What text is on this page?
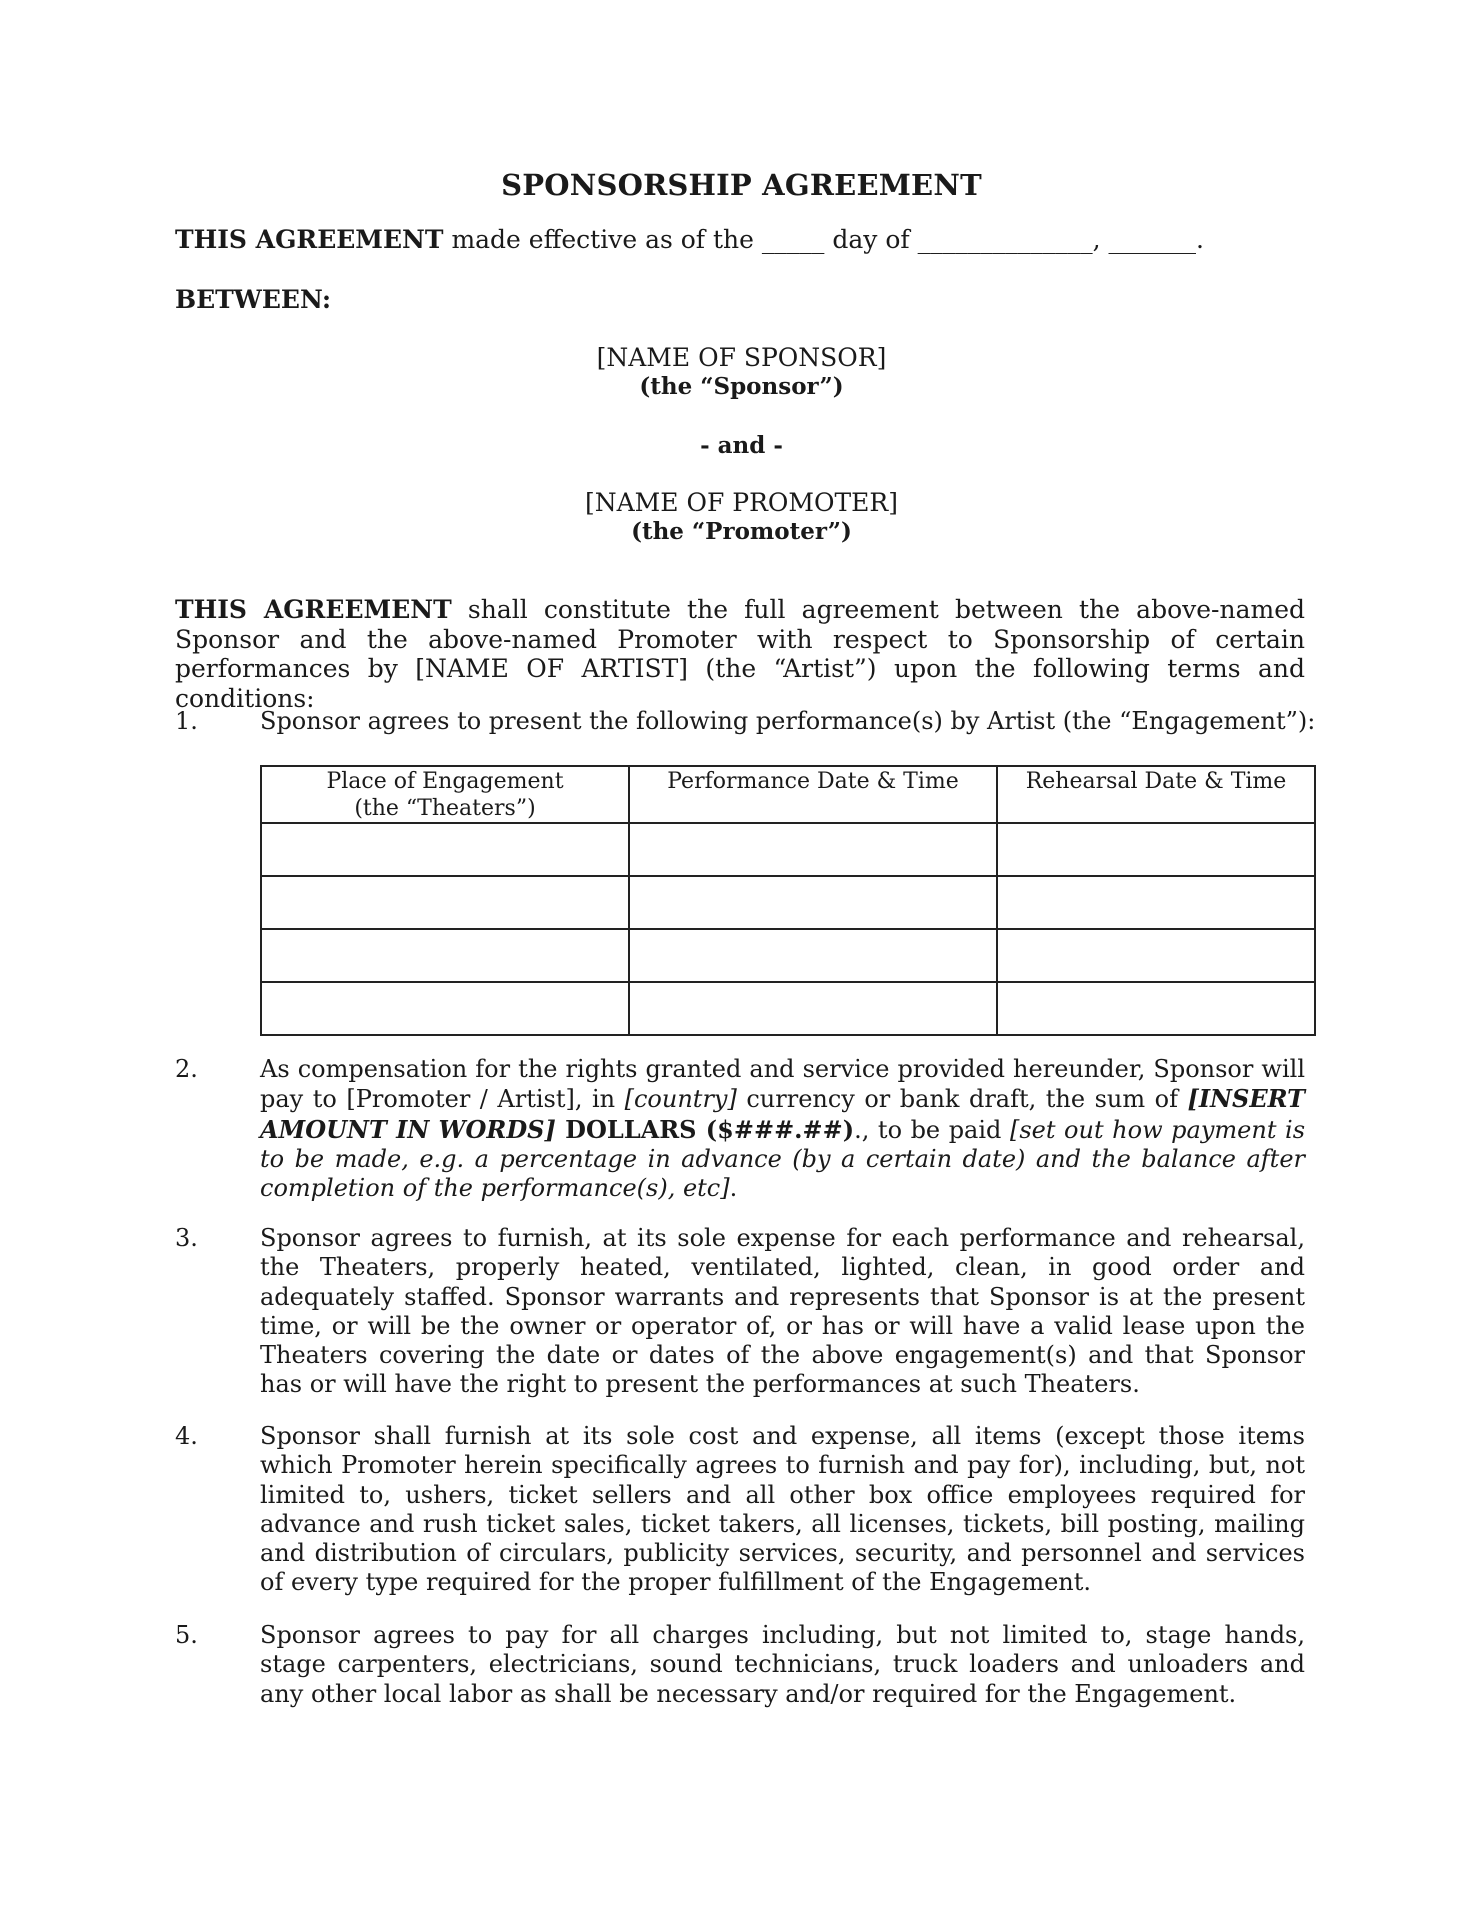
SPONSORSHIP AGREEMENT
THIS AGREEMENT made effective as of the _____ day of ______________, _______.
BETWEEN:
[NAME OF SPONSOR]
(the “Sponsor”)
- and -
[NAME OF PROMOTER]
(the “Promoter”)
THIS AGREEMENT shall constitute the full agreement between the above-named Sponsor and the above-named Promoter with respect to Sponsorship of certain performances by [NAME OF ARTIST] (the “Artist”) upon the following terms and conditions:
1.	Sponsor agrees to present the following performance(s) by Artist (the “Engagement”):
Place of Engagement
(the “Theaters”)	Performance Date & Time	Rehearsal Date & Time

2.	As compensation for the rights granted and service provided hereunder, Sponsor will pay to [Promoter / Artist], in [country] currency or bank draft, the sum of [INSERT AMOUNT IN WORDS] DOLLARS ($###.##)., to be paid [set out how payment is to be made, e.g. a percentage in advance (by a certain date) and the balance after completion of the performance(s), etc].
3.	Sponsor agrees to furnish, at its sole expense for each performance and rehearsal, the Theaters, properly heated, ventilated, lighted, clean, in good order and adequately staffed. Sponsor warrants and represents that Sponsor is at the present time, or will be the owner or operator of, or has or will have a valid lease upon the Theaters covering the date or dates of the above engagement(s) and that Sponsor has or will have the right to present the performances at such Theaters.
4.	Sponsor shall furnish at its sole cost and expense, all items (except those items which Promoter herein specifically agrees to furnish and pay for), including, but, not limited to, ushers, ticket sellers and all other box office employees required for advance and rush ticket sales, ticket takers, all licenses, tickets, bill posting, mailing and distribution of circulars, publicity services, security, and personnel and services of every type required for the proper fulfillment of the Engagement.
5.	Sponsor agrees to pay for all charges including, but not limited to, stage hands, stage carpenters, electricians, sound technicians, truck loaders and unloaders and any other local labor as shall be necessary and/or required for the Engagement.
